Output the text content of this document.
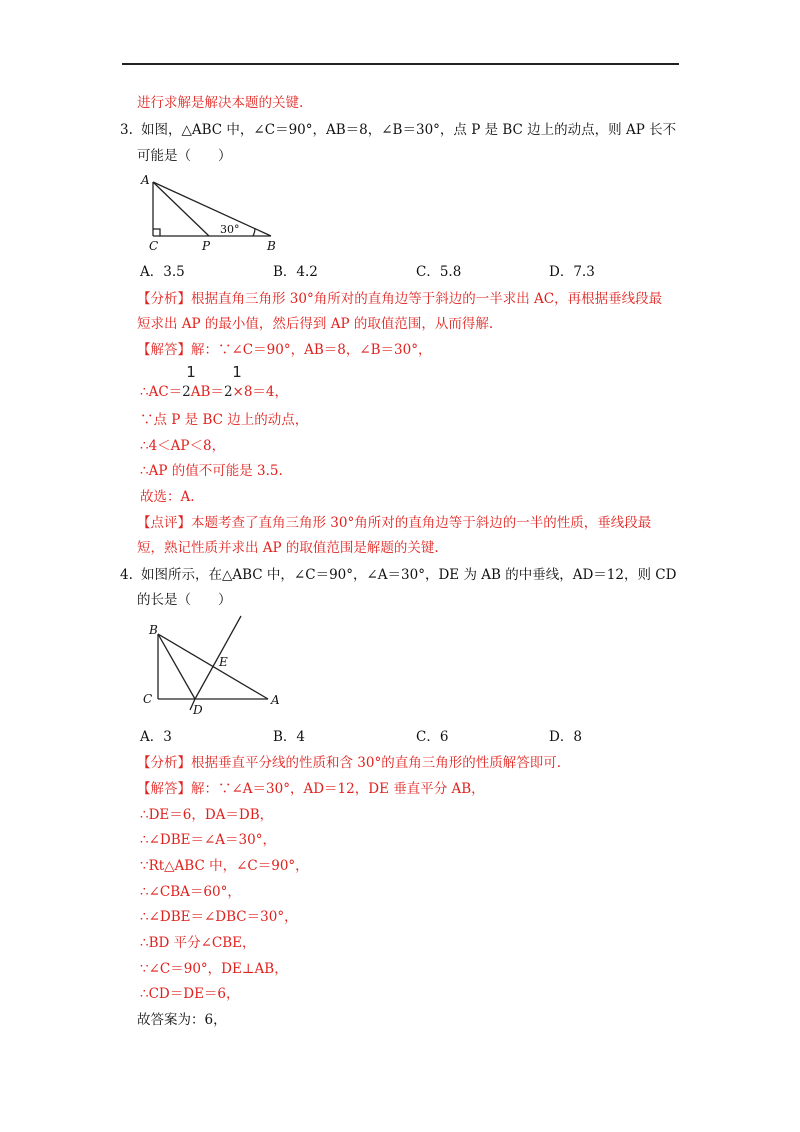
进行求解是解决本题的关键.
3. 如图，△ABC 中，∠C＝90°，AB＝8，∠B＝30°，点 P 是 BC 边上的动点，则 AP 长不
可能是（　　）
A
C	P	B
30°
A．3.5	B．4.2	C．5.8	D．7.3
【分析】根据直角三角形 30°角所对的直角边等于斜边的一半求出 AC，再根据垂线段最
短求出 AP 的最小值，然后得到 AP 的取值范围，从而得解.
【解答】解：∵∠C＝90°，AB＝8，∠B＝30°，
1 1
∴AC＝2AB＝2×8＝4，
∵点 P 是 BC 边上的动点，
∴4＜AP＜8，
∴AP 的值不可能是 3.5.
故选：A.
【点评】本题考查了直角三角形 30°角所对的直角边等于斜边的一半的性质，垂线段最
短，熟记性质并求出 AP 的取值范围是解题的关键.
4. 如图所示，在△ABC 中，∠C＝90°，∠A＝30°，DE 为 AB 的中垂线，AD＝12，则 CD
的长是（　　）
B
C
D
E
A
A．3	B．4	C．6	D．8
【分析】根据垂直平分线的性质和含 30°的直角三角形的性质解答即可.
【解答】解：∵∠A＝30°，AD＝12，DE 垂直平分 AB，
∴DE＝6，DA＝DB，
∴∠DBE＝∠A＝30°，
∵Rt△ABC 中，∠C＝90°，
∴∠CBA＝60°，
∴∠DBE＝∠DBC＝30°，
∴BD 平分∠CBE，
∵∠C＝90°，DE⊥AB，
∴CD＝DE＝6，
故答案为：6，
